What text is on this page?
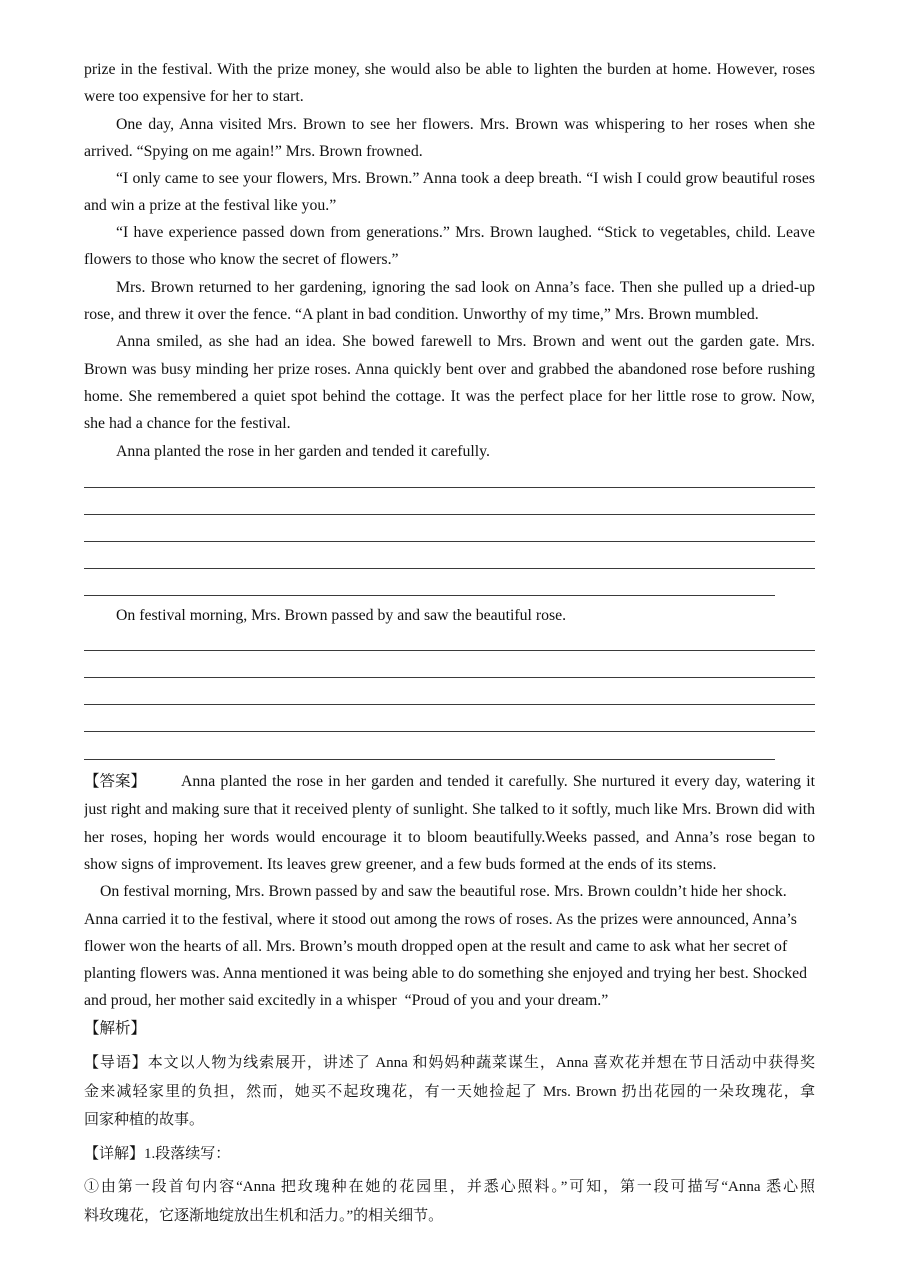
prize in the festival. With the prize money, she would also be able to lighten the burden at home. However, roses
were too expensive for her to start.
One day, Anna visited Mrs. Brown to see her flowers. Mrs. Brown was whispering to her roses when she
arrived. “Spying on me again!” Mrs. Brown frowned.
“I only came to see your flowers, Mrs. Brown.” Anna took a deep breath. “I wish I could grow beautiful roses
and win a prize at the festival like you.”
“I have experience passed down from generations.” Mrs. Brown laughed. “Stick to vegetables, child. Leave
flowers to those who know the secret of flowers.”
Mrs. Brown returned to her gardening, ignoring the sad look on Anna’s face. Then she pulled up a dried-up
rose, and threw it over the fence. “A plant in bad condition. Unworthy of my time,” Mrs. Brown mumbled.
Anna smiled, as she had an idea. She bowed farewell to Mrs. Brown and went out the garden gate. Mrs.
Brown was busy minding her prize roses. Anna quickly bent over and grabbed the abandoned rose before rushing
home. She remembered a quiet spot behind the cottage. It was the perfect place for her little rose to grow. Now,
she had a chance for the festival.
Anna planted the rose in her garden and tended it carefully.
On festival morning, Mrs. Brown passed by and saw the beautiful rose.
【答案】 Anna planted the rose in her garden and tended it carefully. She nurtured it every day, watering it
just right and making sure that it received plenty of sunlight. She talked to it softly, much like Mrs. Brown did with
her roses, hoping her words would encourage it to bloom beautifully.Weeks passed, and Anna’s rose began to
show signs of improvement. Its leaves grew greener, and a few buds formed at the ends of its stems.
On festival morning, Mrs. Brown passed by and saw the beautiful rose. Mrs. Brown couldn’t hide her shock.
Anna carried it to the festival, where it stood out among the rows of roses. As the prizes were announced, Anna’s
flower won the hearts of all. Mrs. Brown’s mouth dropped open at the result and came to ask what her secret of
planting flowers was. Anna mentioned it was being able to do something she enjoyed and trying her best. Shocked
and proud, her mother said excitedly in a whisper  “Proud of you and your dream.”
【解析】
【导语】本文以人物为线索展开，讲述了 Anna 和妈妈种蔬菜谋生，Anna 喜欢花并想在节日活动中获得奖
金来减轻家里的负担，然而，她买不起玫瑰花，有一天她捡起了 Mrs. Brown 扔出花园的一朵玫瑰花，拿
回家种植的故事。
【详解】1.段落续写：
①由第一段首句内容“Anna 把玫瑰种在她的花园里，并悉心照料。”可知，第一段可描写“Anna 悉心照
料玫瑰花，它逐渐地绽放出生机和活力。”的相关细节。
